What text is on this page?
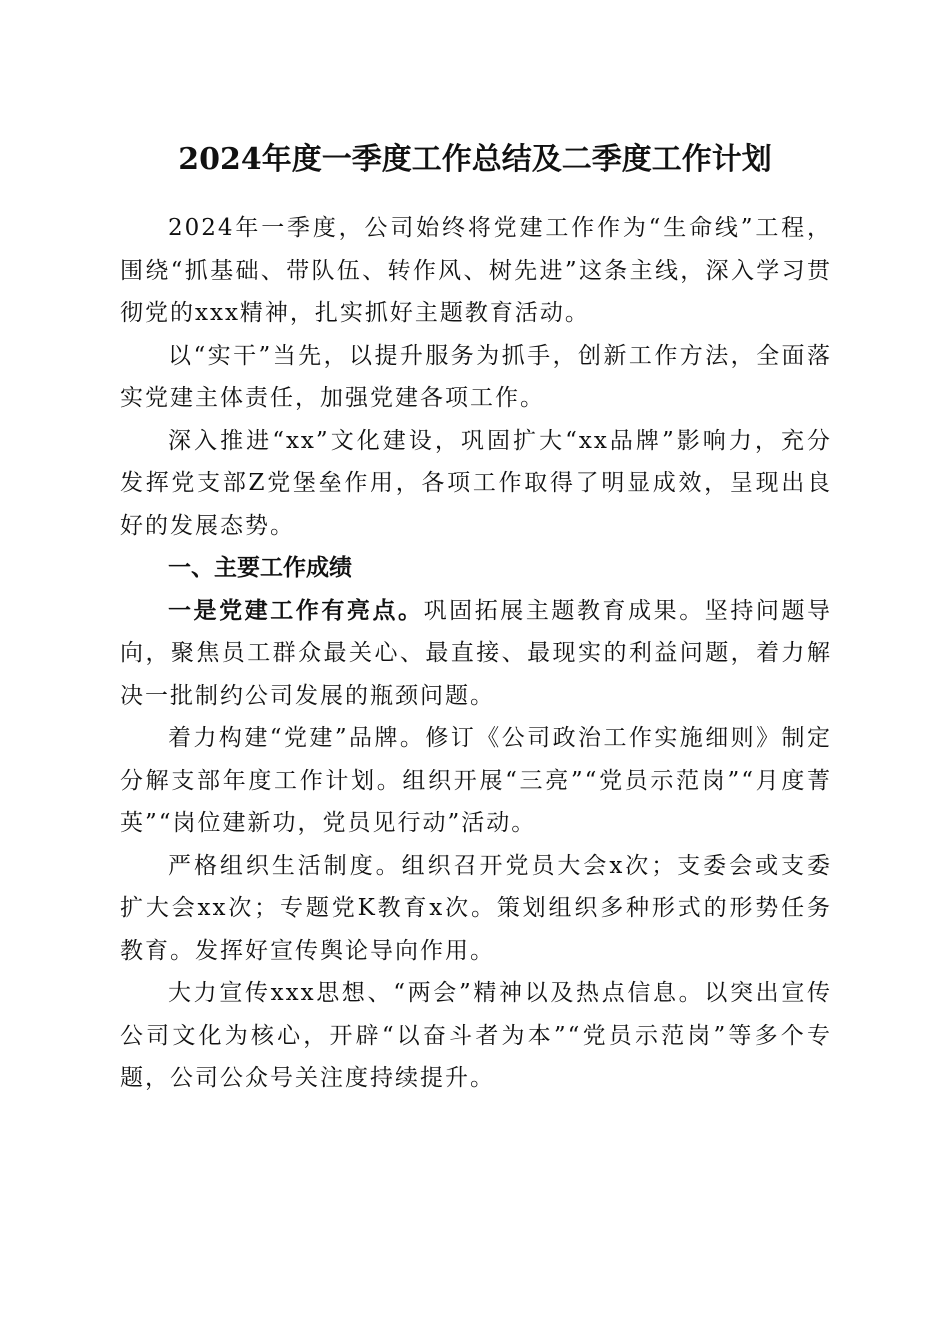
2024年度一季度工作总结及二季度工作计划

2024年一季度，公司始终将党建工作作为“生命线”工程，围绕“抓基础、带队伍、转作风、树先进”这条主线，深入学习贯彻党的xxx精神，扎实抓好主题教育活动。

以“实干”当先，以提升服务为抓手，创新工作方法，全面落实党建主体责任，加强党建各项工作。

深入推进“xx”文化建设，巩固扩大“xx品牌”影响力，充分发挥党支部Z党堡垒作用，各项工作取得了明显成效，呈现出良好的发展态势。

一、主要工作成绩

一是党建工作有亮点。巩固拓展主题教育成果。坚持问题导向，聚焦员工群众最关心、最直接、最现实的利益问题，着力解决一批制约公司发展的瓶颈问题。

着力构建“党建”品牌。修订《公司政治工作实施细则》制定分解支部年度工作计划。组织开展“三亮”“党员示范岗”“月度菁英”“岗位建新功，党员见行动”活动。

严格组织生活制度。组织召开党员大会x次；支委会或支委扩大会xx次；专题党K教育x次。策划组织多种形式的形势任务教育。发挥好宣传舆论导向作用。

大力宣传xxx思想、“两会”精神以及热点信息。以突出宣传公司文化为核心，开辟“以奋斗者为本”“党员示范岗”等多个专题，公司公众号关注度持续提升。
